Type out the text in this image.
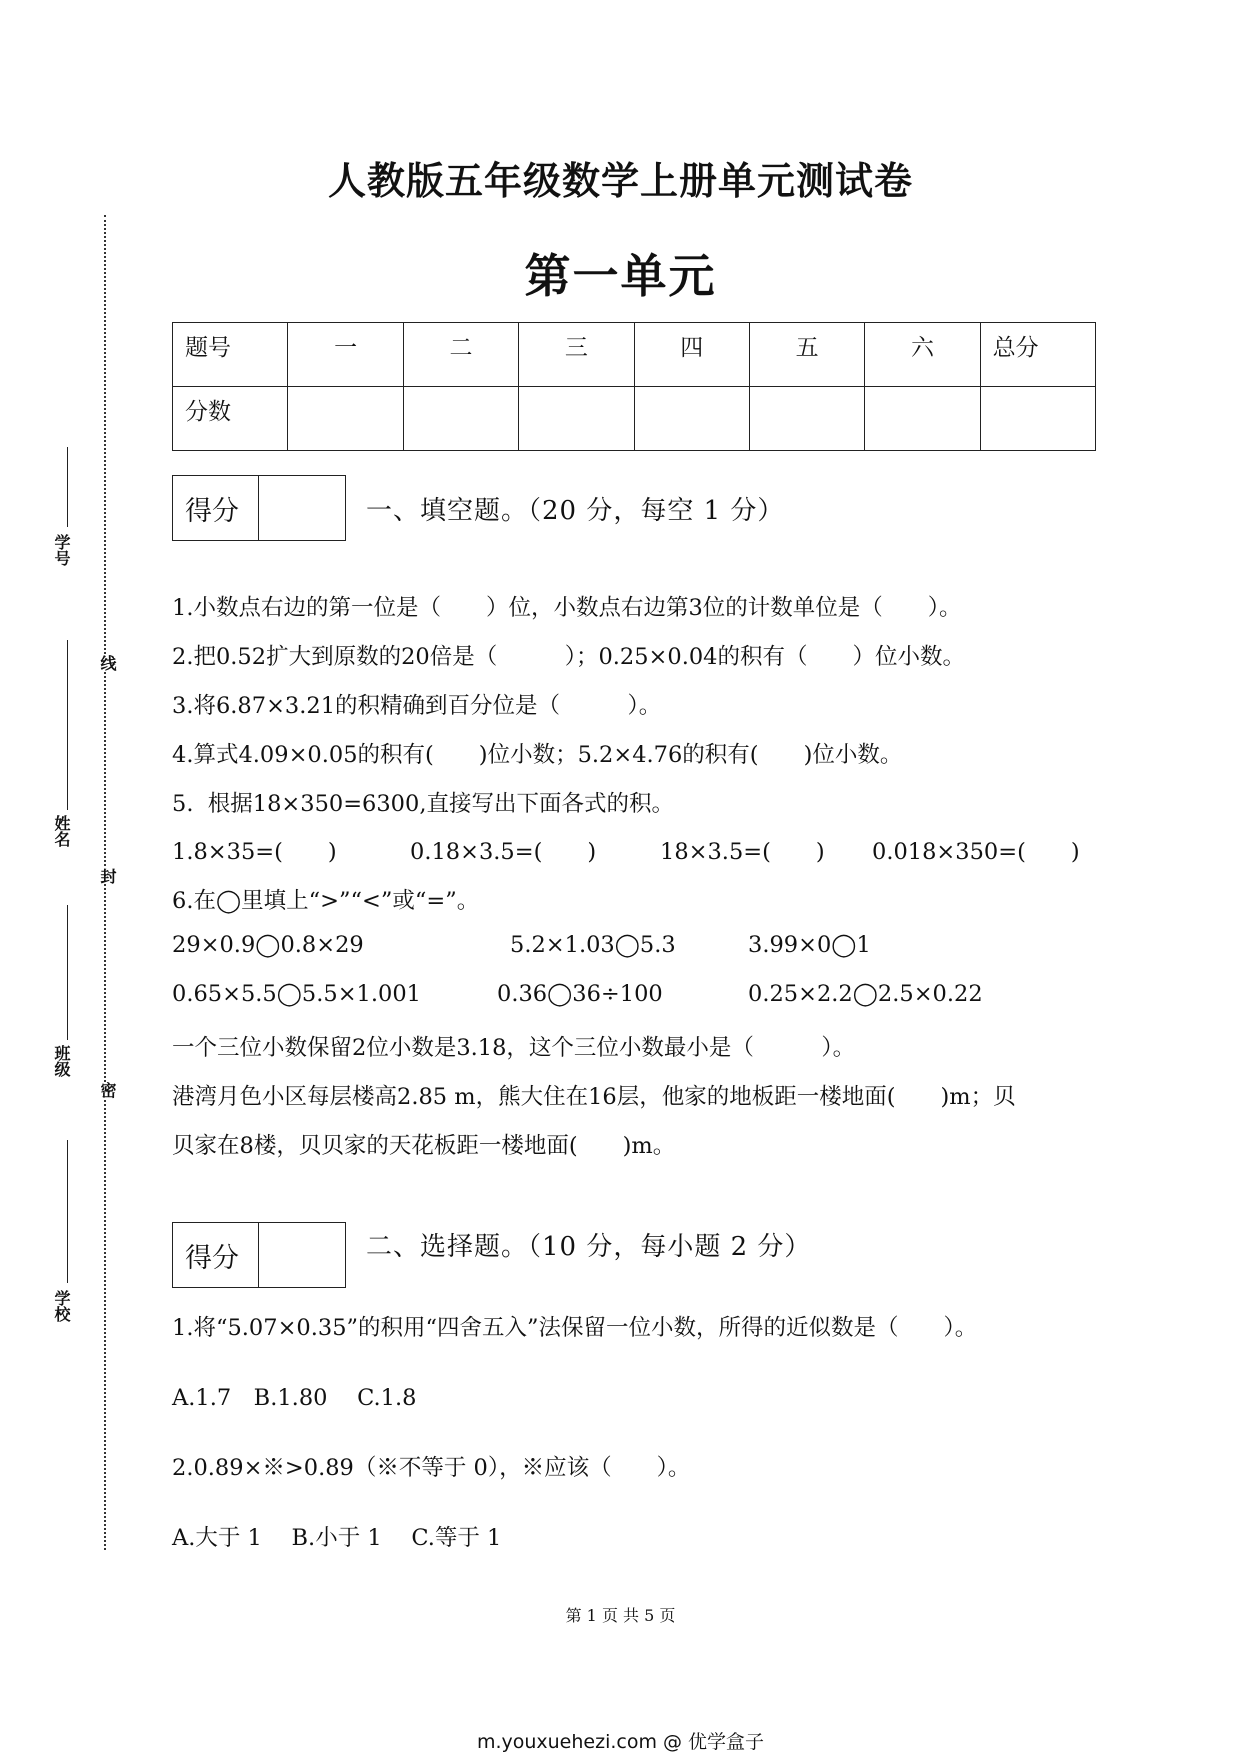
学号
姓名
班级
学校
线
封
密
人教版五年级数学上册单元测试卷
第一单元
题号	一	二	三	四	五	六	总分
分数							
得分	一、填空题。（20 分，每空 1 分）
1.小数点右边的第一位是（　　）位，小数点右边第3位的计数单位是（　　）。
2.把0.52扩大到原数的20倍是（　　　）；0.25×0.04的积有（　　）位小数。
3.将6.87×3.21的积精确到百分位是（　　　）。
4.算式4.09×0.05的积有(　　)位小数；5.2×4.76的积有(　　)位小数。
5.  根据18×350=6300,直接写出下面各式的积。
1.8×35=(　　)	0.18×3.5=(　　)	18×3.5=(　　) 0.018×350=(　　)
6.在◯里填上“>”“<”或“=”。
29×0.9◯0.8×29	5.2×1.03◯5.3	3.99×0◯1
0.65×5.5◯5.5×1.001	0.36◯36÷100	0.25×2.2◯2.5×0.22
一个三位小数保留2位小数是3.18，这个三位小数最小是（　　　）。
港湾月色小区每层楼高2.85 m，熊大住在16层，他家的地板距一楼地面(　　)m；贝
贝家在8楼，贝贝家的天花板距一楼地面(　　)m。
得分	二、选择题。（10 分，每小题 2 分）
1.将“5.07×0.35”的积用“四舍五入”法保留一位小数，所得的近似数是（　　）。
A.1.7　B.1.80　 C.1.8
2.0.89×※>0.89（※不等于 0），※应该（　　）。
A.大于 1 　B.小于 1 　C.等于 1
第 1 页 共 5 页
m.youxuehezi.com @ 优学盒子
